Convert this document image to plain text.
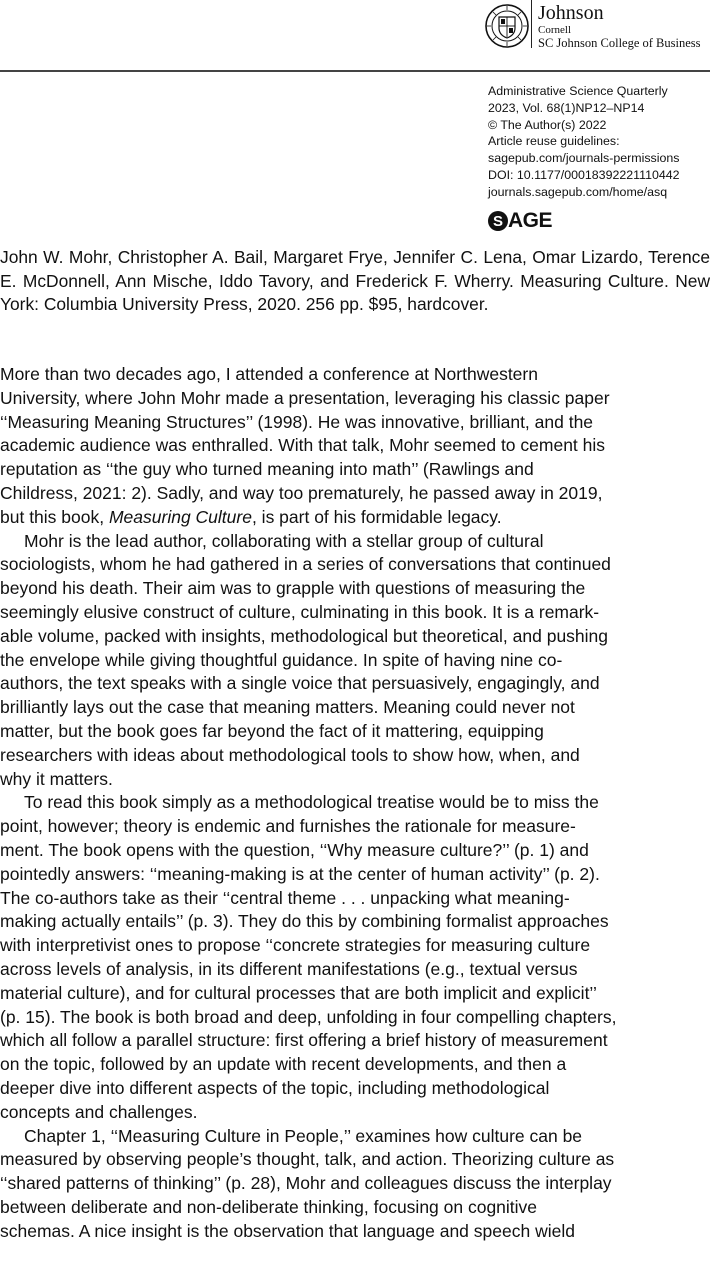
Johnson
Cornell
SC Johnson College of Business
Administrative Science Quarterly
2023, Vol. 68(1)NP12–NP14
© The Author(s) 2022
Article reuse guidelines:
sagepub.com/journals-permissions
DOI: 10.1177/00018392221110442
journals.sagepub.com/home/asq
S AGE
John W. Mohr, Christopher A. Bail, Margaret Frye, Jennifer C. Lena, Omar Lizardo, Terence E. McDonnell, Ann Mische, Iddo Tavory, and Frederick F. Wherry. Measuring Culture. New York: Columbia University Press, 2020. 256 pp. $95, hardcover.

More than two decades ago, I attended a conference at Northwestern
University, where John Mohr made a presentation, leveraging his classic paper
‘‘Measuring Meaning Structures’’ (1998). He was innovative, brilliant, and the
academic audience was enthralled. With that talk, Mohr seemed to cement his
reputation as ‘‘the guy who turned meaning into math’’ (Rawlings and
Childress, 2021: 2). Sadly, and way too prematurely, he passed away in 2019,
but this book, Measuring Culture, is part of his formidable legacy.

Mohr is the lead author, collaborating with a stellar group of cultural
sociologists, whom he had gathered in a series of conversations that continued
beyond his death. Their aim was to grapple with questions of measuring the
seemingly elusive construct of culture, culminating in this book. It is a remark-
able volume, packed with insights, methodological but theoretical, and pushing
the envelope while giving thoughtful guidance. In spite of having nine co-
authors, the text speaks with a single voice that persuasively, engagingly, and
brilliantly lays out the case that meaning matters. Meaning could never not
matter, but the book goes far beyond the fact of it mattering, equipping
researchers with ideas about methodological tools to show how, when, and
why it matters.

To read this book simply as a methodological treatise would be to miss the
point, however; theory is endemic and furnishes the rationale for measure-
ment. The book opens with the question, ‘‘Why measure culture?’’ (p. 1) and
pointedly answers: ‘‘meaning-making is at the center of human activity’’ (p. 2).
The co-authors take as their ‘‘central theme . . . unpacking what meaning-
making actually entails’’ (p. 3). They do this by combining formalist approaches
with interpretivist ones to propose ‘‘concrete strategies for measuring culture
across levels of analysis, in its different manifestations (e.g., textual versus
material culture), and for cultural processes that are both implicit and explicit’’
(p. 15). The book is both broad and deep, unfolding in four compelling chapters,
which all follow a parallel structure: first offering a brief history of measurement
on the topic, followed by an update with recent developments, and then a
deeper dive into different aspects of the topic, including methodological
concepts and challenges.

Chapter 1, ‘‘Measuring Culture in People,’’ examines how culture can be
measured by observing people’s thought, talk, and action. Theorizing culture as
‘‘shared patterns of thinking’’ (p. 28), Mohr and colleagues discuss the interplay
between deliberate and non-deliberate thinking, focusing on cognitive
schemas. A nice insight is the observation that language and speech wield
